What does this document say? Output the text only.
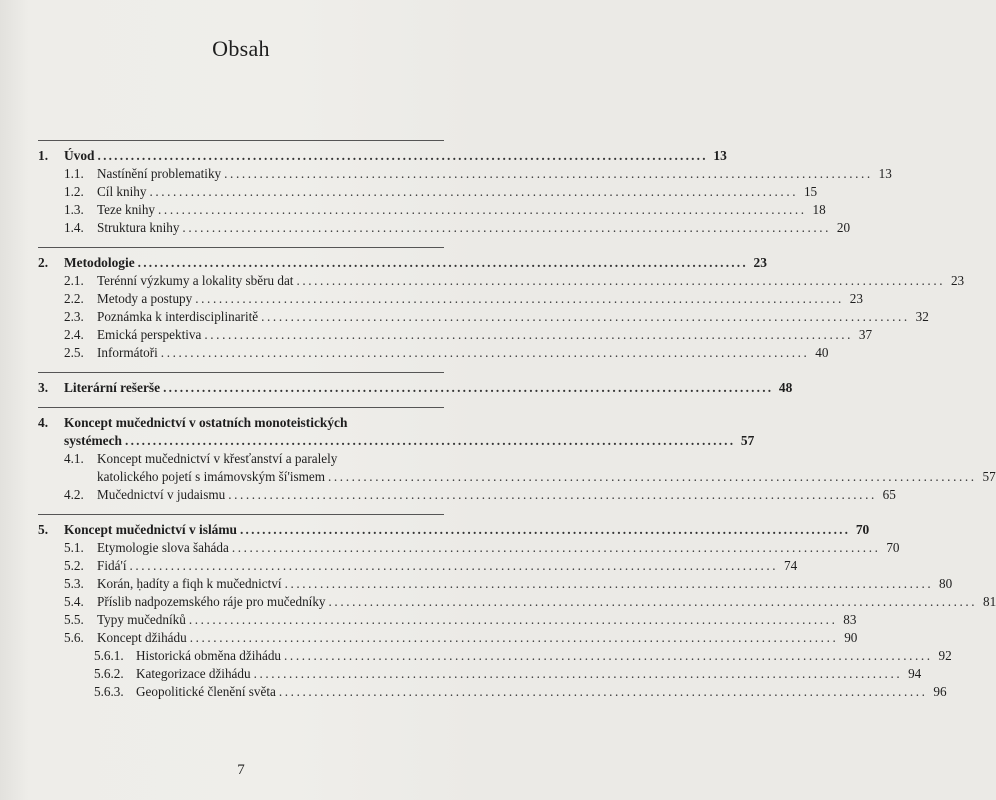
Obsah
1.	Úvod .............................................................................................................. 13
1.1.	Nastínění problematiky .............................................................................................................. 13
1.2.	Cíl knihy .............................................................................................................. 15
1.3.	Teze knihy .............................................................................................................. 18
1.4.	Struktura knihy .............................................................................................................. 20
2.	Metodologie .............................................................................................................. 23
2.1.	Terénní výzkumy a lokality sběru dat .............................................................................................................. 23
2.2.	Metody a postupy .............................................................................................................. 23
2.3.	Poznámka k interdisciplinaritě .............................................................................................................. 32
2.4.	Emická perspektiva .............................................................................................................. 37
2.5.	Informátoři .............................................................................................................. 40
3.	Literární rešerše .............................................................................................................. 48
4.	Koncept mučednictví v ostatních monoteistických
systémech .............................................................................................................. 57
4.1.	Koncept mučednictví v křesťanství a paralely
katolického pojetí s imámovským ší'ismem .............................................................................................................. 57
4.2.	Mučednictví v judaismu .............................................................................................................. 65
5.	Koncept mučednictví v islámu .............................................................................................................. 70
5.1.	Etymologie slova šaháda .............................................................................................................. 70
5.2.	Fidá'í .............................................................................................................. 74
5.3.	Korán, ḥadíty a fiqh k mučednictví .............................................................................................................. 80
5.4.	Příslib nadpozemského ráje pro mučedníky .............................................................................................................. 81
5.5.	Typy mučedníků .............................................................................................................. 83
5.6.	Koncept džihádu .............................................................................................................. 90
5.6.1. Historická obměna džihádu .............................................................................................................. 92
5.6.2. Kategorizace džihádu .............................................................................................................. 94
5.6.3. Geopolitické členění světa .............................................................................................................. 96
7
